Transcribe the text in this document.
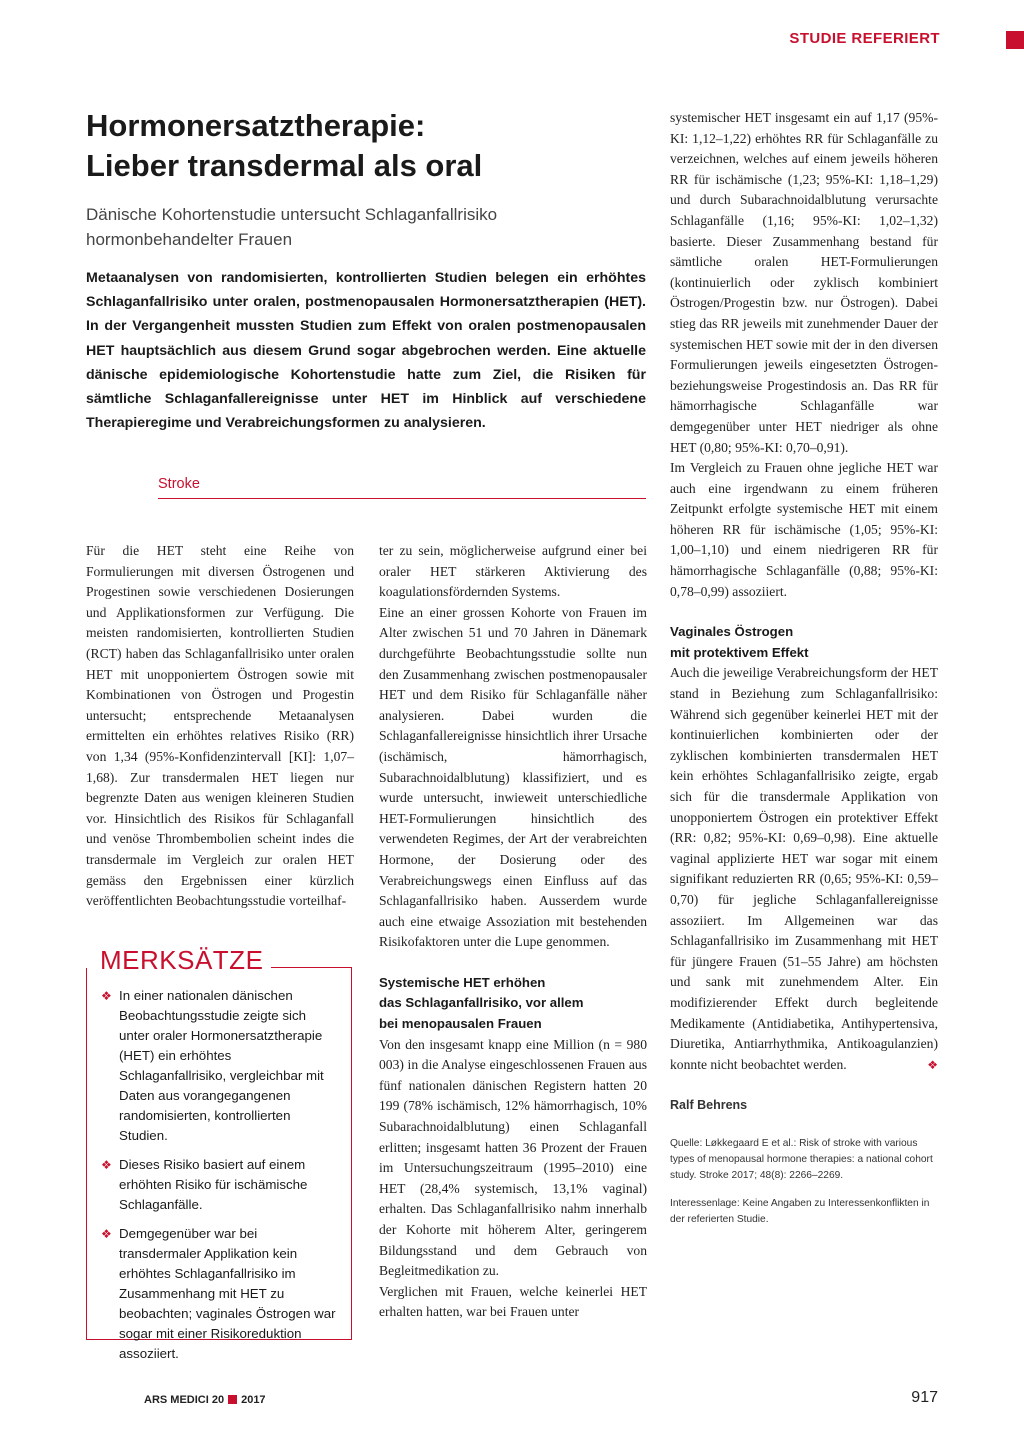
STUDIE REFERIERT
Hormonersatztherapie:
Lieber transdermal als oral

Dänische Kohortenstudie untersucht Schlaganfallrisiko
hormonbehandelter Frauen

Metaanalysen von randomisierten, kontrollierten Studien belegen ein erhöhtes Schlaganfallrisiko unter oralen, postmenopausalen Hormonersatztherapien (HET). In der Vergangenheit mussten Studien zum Effekt von oralen postmenopausalen HET hauptsächlich aus diesem Grund sogar abgebrochen werden. Eine aktuelle dänische epidemiologische Kohortenstudie hatte zum Ziel, die Risiken für sämtliche Schlaganfallereignisse unter HET im Hinblick auf verschiedene Therapieregime und Verabreichungsformen zu analysieren.

Stroke

Für die HET steht eine Reihe von Formulierungen mit diversen Östrogenen und Progestinen sowie verschiedenen Dosierungen und Applikationsformen zur Verfügung. Die meisten randomisierten, kontrollierten Studien (RCT) haben das Schlaganfallrisiko unter oralen HET mit unopponiertem Östrogen sowie mit Kombinationen von Östrogen und Progestin untersucht; entsprechende Metaanalysen ermittelten ein erhöhtes relatives Risiko (RR) von 1,34 (95%-Konfidenzintervall [KI]: 1,07–1,68). Zur transdermalen HET liegen nur begrenzte Daten aus wenigen kleineren Studien vor. Hinsichtlich des Risikos für Schlaganfall und venöse Thrombembolien scheint indes die transdermale im Vergleich zur oralen HET gemäss den Ergebnissen einer kürzlich veröffentlichten Beobachtungsstudie vorteilhaf-

MERKSÄTZE
❖ In einer nationalen dänischen Beobachtungsstudie zeigte sich unter oraler Hormonersatztherapie (HET) ein erhöhtes Schlaganfallrisiko, vergleichbar mit Daten aus vorangegangenen randomisierten, kontrollierten Studien.
❖ Dieses Risiko basiert auf einem erhöhten Risiko für ischämische Schlaganfälle.
❖ Demgegenüber war bei transdermaler Applikation kein erhöhtes Schlaganfallrisiko im Zusammenhang mit HET zu beobachten; vaginales Östrogen war sogar mit einer Risikoreduktion assoziiert.

ter zu sein, möglicherweise aufgrund einer bei oraler HET stärkeren Aktivierung des koagulationsfördernden Systems.

Eine an einer grossen Kohorte von Frauen im Alter zwischen 51 und 70 Jahren in Dänemark durchgeführte Beobachtungsstudie sollte nun den Zusammenhang zwischen postmenopausaler HET und dem Risiko für Schlaganfälle näher analysieren. Dabei wurden die Schlaganfallereignisse hinsichtlich ihrer Ursache (ischämisch, hämorrhagisch, Subarachnoidalblutung) klassifiziert, und es wurde untersucht, inwieweit unterschiedliche HET-Formulierungen hinsichtlich des verwendeten Regimes, der Art der verabreichten Hormone, der Dosierung oder des Verabreichungswegs einen Einfluss auf das Schlaganfallrisiko haben. Ausserdem wurde auch eine etwaige Assoziation mit bestehenden Risikofaktoren unter die Lupe genommen.

Systemische HET erhöhen
das Schlaganfallrisiko, vor allem
bei menopausalen Frauen

Von den insgesamt knapp eine Million (n = 980 003) in die Analyse eingeschlossenen Frauen aus fünf nationalen dänischen Registern hatten 20 199 (78% ischämisch, 12% hämorrhagisch, 10% Subarachnoidalblutung) einen Schlaganfall erlitten; insgesamt hatten 36 Prozent der Frauen im Untersuchungszeitraum (1995–2010) eine HET (28,4% systemisch, 13,1% vaginal) erhalten. Das Schlaganfallrisiko nahm innerhalb der Kohorte mit höherem Alter, geringerem Bildungsstand und dem Gebrauch von Begleitmedikation zu.

Verglichen mit Frauen, welche keinerlei HET erhalten hatten, war bei Frauen unter

systemischer HET insgesamt ein auf 1,17 (95%-KI: 1,12–1,22) erhöhtes RR für Schlaganfälle zu verzeichnen, welches auf einem jeweils höheren RR für ischämische (1,23; 95%-KI: 1,18–1,29) und durch Subarachnoidalblutung verursachte Schlaganfälle (1,16; 95%-KI: 1,02–1,32) basierte. Dieser Zusammenhang bestand für sämtliche oralen HET-Formulierungen (kontinuierlich oder zyklisch kombiniert Östrogen/Progestin bzw. nur Östrogen). Dabei stieg das RR jeweils mit zunehmender Dauer der systemischen HET sowie mit der in den diversen Formulierungen jeweils eingesetzten Östrogen- beziehungsweise Progestindosis an. Das RR für hämorrhagische Schlaganfälle war demgegenüber unter HET niedriger als ohne HET (0,80; 95%-KI: 0,70–0,91).

Im Vergleich zu Frauen ohne jegliche HET war auch eine irgendwann zu einem früheren Zeitpunkt erfolgte systemische HET mit einem höheren RR für ischämische (1,05; 95%-KI: 1,00–1,10) und einem niedrigeren RR für hämorrhagische Schlaganfälle (0,88; 95%-KI: 0,78–0,99) assoziiert.

Vaginales Östrogen
mit protektivem Effekt

Auch die jeweilige Verabreichungsform der HET stand in Beziehung zum Schlaganfallrisiko: Während sich gegenüber keinerlei HET mit der kontinuierlichen kombinierten oder der zyklischen kombinierten transdermalen HET kein erhöhtes Schlaganfallrisiko zeigte, ergab sich für die transdermale Applikation von unopponiertem Östrogen ein protektiver Effekt (RR: 0,82; 95%-KI: 0,69–0,98). Eine aktuelle vaginal applizierte HET war sogar mit einem signifikant reduzierten RR (0,65; 95%-KI: 0,59–0,70) für jegliche Schlaganfallereignisse assoziiert. Im Allgemeinen war das Schlaganfallrisiko im Zusammenhang mit HET für jüngere Frauen (51–55 Jahre) am höchsten und sank mit zunehmendem Alter. Ein modifizierender Effekt durch begleitende Medikamente (Antidiabetika, Antihypertensiva, Diuretika, Antiarrhythmika, Antikoagulanzien) konnte nicht beobachtet werden.	❖

Ralf Behrens

Quelle: Løkkegaard E et al.: Risk of stroke with various types of menopausal hormone therapies: a national cohort study. Stroke 2017; 48(8): 2266–2269.

Interessenlage: Keine Angaben zu Interessenkonflikten in der referierten Studie.

ARS MEDICI 20 2017	917
